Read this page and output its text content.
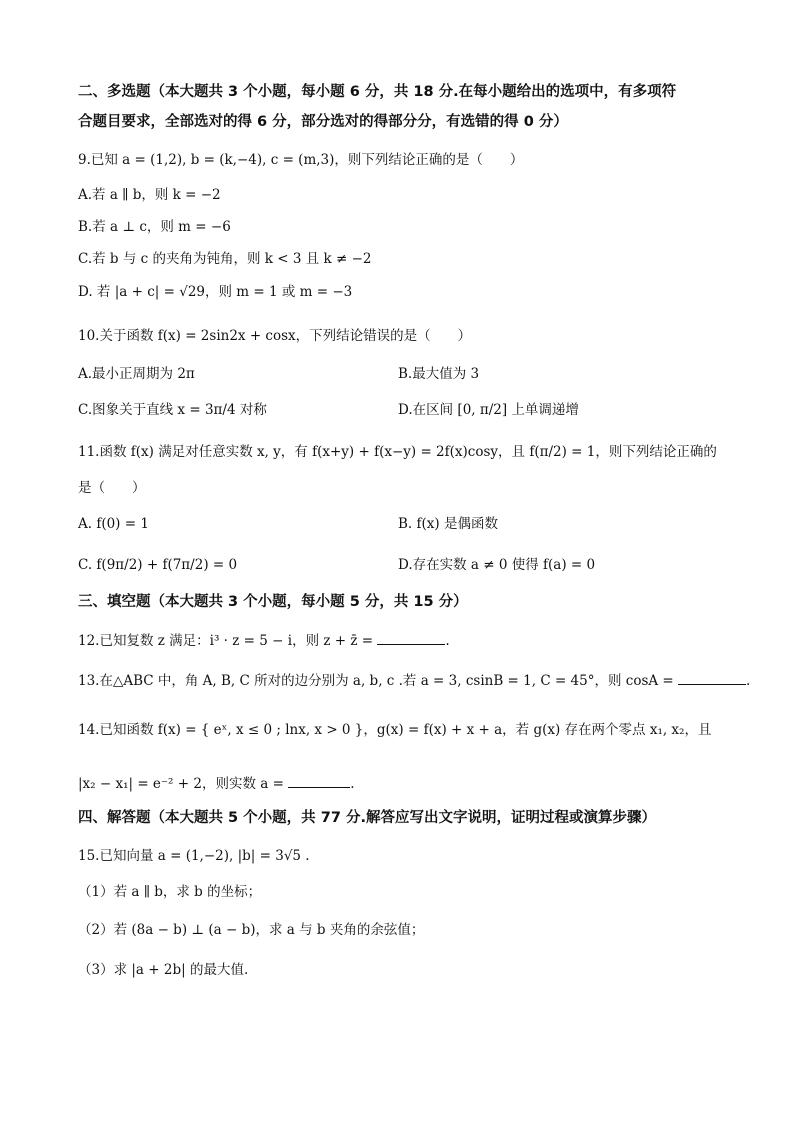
二、多选题（本大题共 3 个小题，每小题 6 分，共 18 分.在每小题给出的选项中，有多项符
合题目要求，全部选对的得 6 分，部分选对的得部分分，有选错的得 0 分）
9.已知 a = (1,2), b = (k,−4), c = (m,3)，则下列结论正确的是（　　）
A.若 a ∥ b，则 k = −2
B.若 a ⊥ c，则 m = −6
C.若 b 与 c 的夹角为钝角，则 k < 3 且 k ≠ −2
D. 若 |a + c| = √29，则 m = 1 或 m = −3
10.关于函数 f(x) = 2sin2x + cosx，下列结论错误的是（　　）
A.最小正周期为 2π	B.最大值为 3
C.图象关于直线 x = 3π/4 对称	D.在区间 [0, π/2] 上单调递增
11.函数 f(x) 满足对任意实数 x, y，有 f(x+y) + f(x−y) = 2f(x)cosy，且 f(π/2) = 1，则下列结论正确的
是（　　）
A. f(0) = 1	B. f(x) 是偶函数
C. f(9π/2) + f(7π/2) = 0	D.存在实数 a ≠ 0 使得 f(a) = 0
三、填空题（本大题共 3 个小题，每小题 5 分，共 15 分）
12.已知复数 z 满足：i³ · z = 5 − i，则 z + z̄ =	.
13.在△ABC 中，角 A, B, C 所对的边分别为 a, b, c .若 a = 3, csinB = 1, C = 45°，则 cosA =	.
14.已知函数 f(x) = { eˣ, x ≤ 0 ; lnx, x > 0 }，g(x) = f(x) + x + a，若 g(x) 存在两个零点 x₁, x₂，且
|x₂ − x₁| = e⁻² + 2，则实数 a =	.
四、解答题（本大题共 5 个小题，共 77 分.解答应写出文字说明，证明过程或演算步骤）
15.已知向量 a = (1,−2), |b| = 3√5 .
（1）若 a ∥ b，求 b 的坐标；
（2）若 (8a − b) ⊥ (a − b)，求 a 与 b 夹角的余弦值；
（3）求 |a + 2b| 的最大值.
